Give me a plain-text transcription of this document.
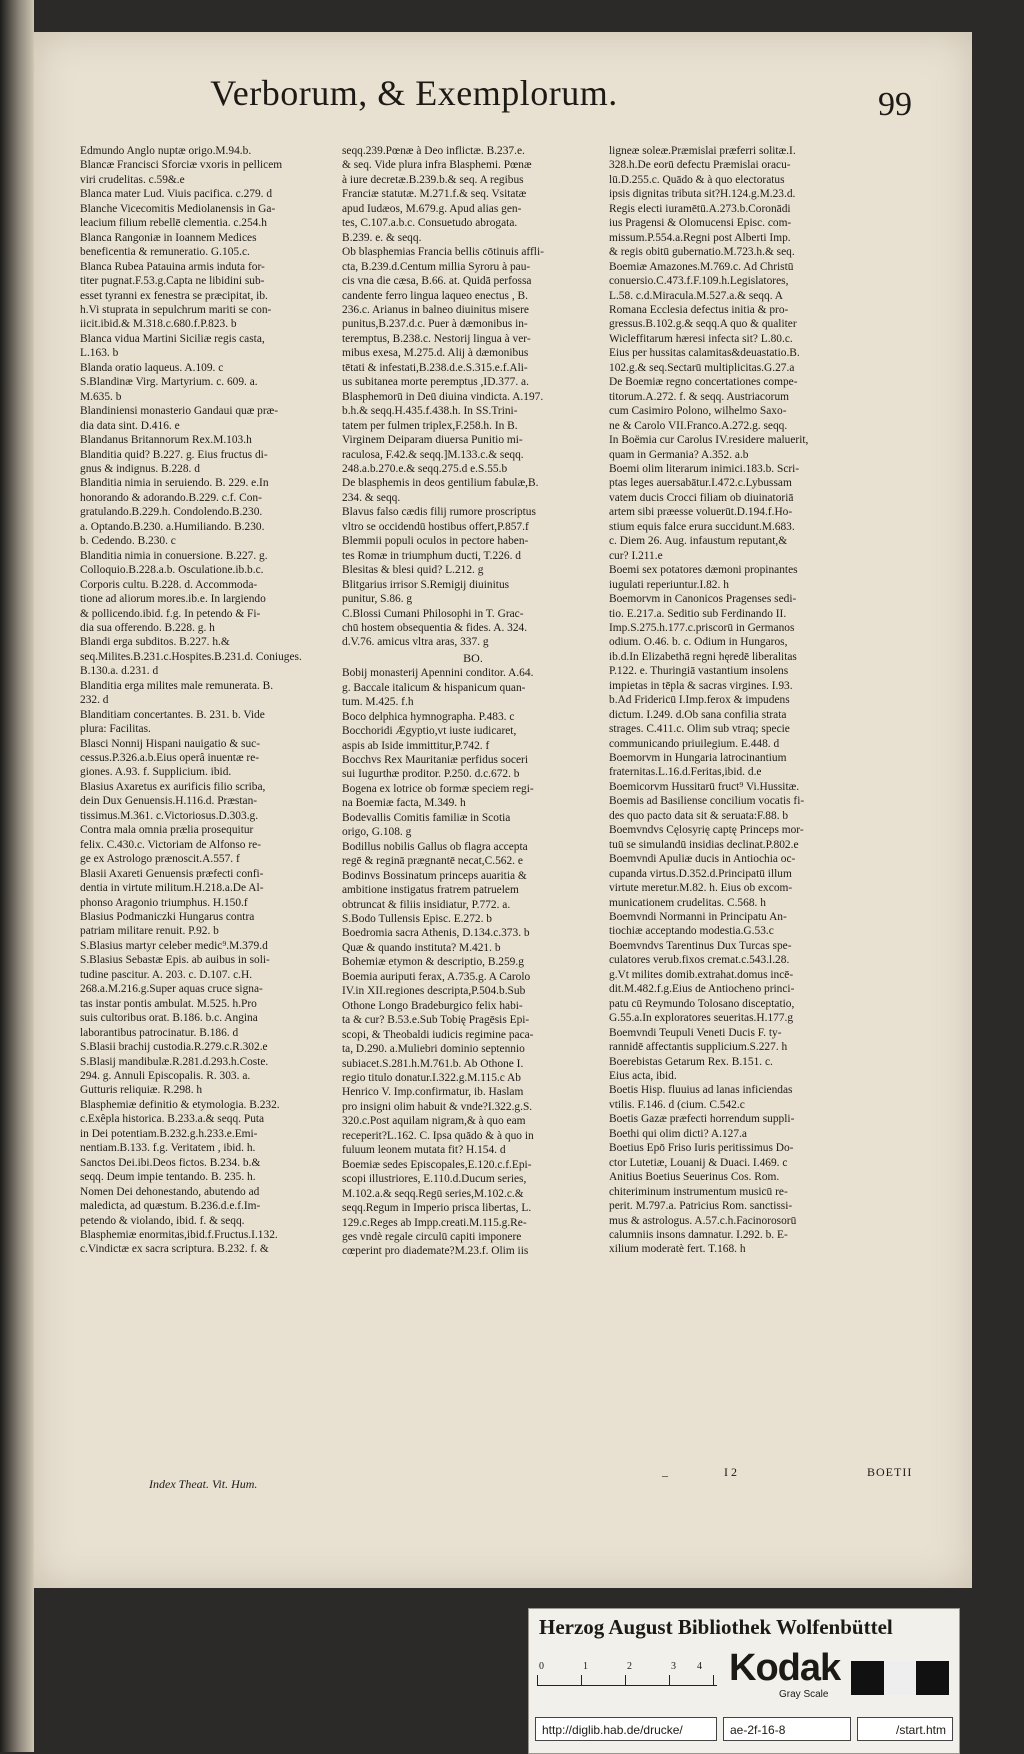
Verborum, & Exemplorum.	99

Edmundo Anglo nuptæ origo.M.94.b.

Blancæ Francisci Sforciæ vxoris in pellicem

viri crudelitas. c.59&.e

Blanca mater Lud. Viuis pacifica. c.279. d

Blanche Vicecomitis Mediolanensis in Ga-

leacium filium rebellē clementia. c.254.h

Blanca Rangoniæ in Ioannem Medices

beneficentia & remuneratio. G.105.c.

Blanca Rubea Patauina armis induta for-

titer pugnat.F.53.g.Capta ne libidini sub-

esset tyranni ex fenestra se præcipitat, ib.

h.Vi stuprata in sepulchrum mariti se con-

iicit.ibid.& M.318.c.680.f.P.823. b

Blanca vidua Martini Siciliæ regis casta,

L.163. b

Blanda oratio laqueus. A.109. c

S.Blandinæ Virg. Martyrium. c. 609. a.

M.635. b

Blandiniensi monasterio Gandaui quæ præ-

dia data sint. D.416. e

Blandanus Britannorum Rex.M.103.h

Blanditia quid? B.227. g. Eius fructus di-

gnus & indignus. B.228. d

Blanditia nimia in seruiendo. B. 229. e.In

honorando & adorando.B.229. c.f. Con-

gratulando.B.229.h. Condolendo.B.230.

a. Optando.B.230. a.Humiliando. B.230.

b. Cedendo. B.230. c

Blanditia nimia in conuersione. B.227. g.

Colloquio.B.228.a.b. Osculatione.ib.b.c.

Corporis cultu. B.228. d. Accommoda-

tione ad aliorum mores.ib.e. In largiendo

& pollicendo.ibid. f.g. In petendo & Fi-

dia sua offerendo. B.228. g. h

Blandi erga subditos. B.227. h.& seq.Milites.B.231.c.Hospites.B.231.d. Coniuges.

B.130.a. d.231. d

Blanditia erga milites male remunerata. B.

232. d

Blanditiam concertantes. B. 231. b. Vide

plura: Facilitas.

Blasci Nonnij Hispani nauigatio & suc-

cessus.P.326.a.b.Eius operâ inuentæ re-

giones. A.93. f. Supplicium. ibid.

Blasius Axaretus ex aurificis filio scriba,

dein Dux Genuensis.H.116.d. Præstan-

tissimus.M.361. c.Victoriosus.D.303.g.

Contra mala omnia prælia prosequitur

felix. C.430.c. Victoriam de Alfonso re-

ge ex Astrologo prænoscit.A.557. f

Blasii Axareti Genuensis præfecti confi-

dentia in virtute militum.H.218.a.De Al-

phonso Aragonio triumphus. H.150.f

Blasius Podmaniczki Hungarus contra

patriam militare renuit. P.92. b

S.Blasius martyr celeber medic⁹.M.379.d

S.Blasius Sebastæ Epis. ab auibus in soli-

tudine pascitur. A. 203. c. D.107. c.H.

268.a.M.216.g.Super aquas cruce signa-

tas instar pontis ambulat. M.525. h.Pro

suis cultoribus orat. B.186. b.c. Angina

laborantibus patrocinatur. B.186. d

S.Blasii brachij custodia.R.279.c.R.302.e

S.Blasij mandibulæ.R.281.d.293.h.Coste.

294. g. Annuli Episcopalis. R. 303. a.

Gutturis reliquiæ. R.298. h

Blasphemiæ definitio & etymologia. B.232.

c.Exêpla historica. B.233.a.& seqq. Puta

in Dei potentiam.B.232.g.h.233.e.Emi-

nentiam.B.133. f.g. Veritatem , ibid. h.

Sanctos Dei.ibi.Deos fictos. B.234. b.&

seqq. Deum impie tentando. B. 235. h.

Nomen Dei dehonestando, abutendo ad

maledicta, ad quæstum. B.236.d.e.f.Im-

petendo & violando, ibid. f. & seqq.

Blasphemiæ enormitas,ibid.f.Fructus.I.132.

c.Vindictæ ex sacra scriptura. B.232. f. &

seqq.239.Pœnæ à Deo inflictæ. B.237.e.

& seq. Vide plura infra Blasphemi. Pœnæ

à iure decretæ.B.239.b.& seq. A regibus

Franciæ statutæ. M.271.f.& seq. Vsitatæ

apud Iudæos, M.679.g. Apud alias gen-

tes, C.107.a.b.c. Consuetudo abrogata.

B.239. e. & seqq.

Ob blasphemias Francia bellis cōtinuis affli-

cta, B.239.d.Centum millia Syroru à pau-

cis vna die cæsa, B.66. at. Quidā perfossa

candente ferro lingua laqueo enectus , B.

236.c. Arianus in balneo diuinitus misere

punitus,B.237.d.c. Puer à dæmonibus in-

teremptus, B.238.c. Nestorij lingua à ver-

mibus exesa, M.275.d. Alij à dæmonibus

tētati & infestati,B.238.d.e.S.315.e.f.Ali-

us subitanea morte peremptus ,ID.377. a.

Blasphemorū in Deū diuina vindicta. A.197.

b.h.& seqq.H.435.f.438.h. In SS.Trini-

tatem per fulmen triplex,F.258.h. In B.

Virginem Deiparam diuersa Punitio mi-

raculosa, F.42.& seqq.]M.133.c.& seqq.

248.a.b.270.e.& seqq.275.d e.S.55.b

De blasphemis in deos gentilium fabulæ,B.

234. & seqq.

Blavus falso cædis filij rumore proscriptus

vltro se occidendū hostibus offert,P.857.f

Blemmii populi oculos in pectore haben-

tes Romæ in triumphum ducti, T.226. d

Blesitas & blesi quid? L.212. g

Blitgarius irrisor S.Remigij diuinitus

punitur, S.86. g

C.Blossi Cumani Philosophi in T. Grac-

chū hostem obsequentia & fides. A. 324.

d.V.76. amicus vltra aras, 337. g

BO.

Bobij monasterij Apennini conditor. A.64.

g. Baccale italicum & hispanicum quan-

tum. M.425. f.h

Boco delphica hymnographa. P.483. c

Bocchoridi Ægyptio,vt iuste iudicaret,

aspis ab Iside immittitur,P.742. f

Bocchvs Rex Mauritaniæ perfidus soceri

sui Iugurthæ proditor. P.250. d.c.672. b

Bogena ex lotrice ob formæ speciem regi-

na Boemiæ facta, M.349. h

Bodevallis Comitis familiæ in Scotia

origo, G.108. g

Bodillus nobilis Gallus ob flagra accepta

regē & reginā prægnantē necat,C.562. e

Bodinvs Bossinatum princeps auaritia &

ambitione instigatus fratrem patruelem

obtruncat & filiis insidiatur, P.772. a.

S.Bodo Tullensis Episc. E.272. b

Boedromia sacra Athenis, D.134.c.373. b

Quæ & quando instituta? M.421. b

Bohemiæ etymon & descriptio, B.259.g

Boemia auriputi ferax, A.735.g. A Carolo

IV.in XII.regiones descripta,P.504.b.Sub

Othone Longo Bradeburgico felix habi-

ta & cur? B.53.e.Sub Tobię Pragēsis Epi-

scopi, & Theobaldi iudicis regimine paca-

ta, D.290. a.Muliebri dominio septennio

subiacet.S.281.h.M.761.b. Ab Othone I.

regio titulo donatur.I.322.g.M.115.c Ab

Henrico V. Imp.confirmatur, ib. Haslam

pro insigni olim habuit & vnde?I.322.g.S.

320.c.Post aquilam nigram,& à quo eam

receperit?L.162. C. Ipsa quādo & à quo in

fuluum leonem mutata fit? H.154. d

Boemiæ sedes Episcopales,E.120.c.f.Epi-

scopi illustriores, E.110.d.Ducum series,

M.102.a.& seqq.Regū series,M.102.c.&

seqq.Regum in Imperio prisca libertas, L.

129.c.Reges ab Impp.creati.M.115.g.Re-

ges vndè regale circulū capiti imponere

cœperint pro diademate?M.23.f. Olim iis

ligneæ soleæ.Præmislai præferri solitæ.I.

328.h.De eorū defectu Præmislai oracu-

lū.D.255.c. Quādo & à quo electoratus

ipsis dignitas tributa sit?H.124.g.M.23.d.

Regis electi iuramētū.A.273.b.Coronādi

ius Pragensi & Olomucensi Episc. com-

missum.P.554.a.Regni post Alberti Imp.

& regis obitū gubernatio.M.723.h.& seq.

Boemiæ Amazones.M.769.c. Ad Christū

conuersio.C.473.f.F.109.h.Legislatores,

L.58. c.d.Miracula.M.527.a.& seqq. A

Romana Ecclesia defectus initia & pro-

gressus.B.102.g.& seqq.A quo & qualiter

Wicleffitarum hæresi infecta sit? L.80.c.

Eius per hussitas calamitas&deuastatio.B.

102.g.& seq.Sectarū multiplicitas.G.27.a

De Boemiæ regno concertationes compe-

titorum.A.272. f. & seqq. Austriacorum

cum Casimiro Polono, wilhelmo Saxo-

ne & Carolo VII.Franco.A.272.g. seqq.

In Boëmia cur Carolus IV.residere maluerit,

quam in Germania? A.352. a.b

Boemi olim literarum inimici.183.b. Scri-

ptas leges auersabātur.I.472.c.Lybussam

vatem ducis Crocci filiam ob diuinatoriā

artem sibi præesse voluerūt.D.194.f.Ho-

stium equis falce erura succidunt.M.683.

c. Diem 26. Aug. infaustum reputant,&

cur? I.211.e

Boemi sex potatores dæmoni propinantes

iugulati reperiuntur.I.82. h

Boemorvm in Canonicos Pragenses sedi-

tio. E.217.a. Seditio sub Ferdinando II.

Imp.S.275.h.177.c.priscorū in Germanos

odium. O.46. b. c. Odium in Hungaros,

ib.d.In Elizabethā regni hęredē liberalitas

P.122. e. Thuringiā vastantium insolens

impietas in tēpla & sacras virgines. I.93.

b.Ad Fridericū I.Imp.ferox & impudens

dictum. I.249. d.Ob sana confilia strata

strages. C.411.c. Olim sub vtraq; specie

communicando priuilegium. E.448. d

Boemorvm in Hungaria latrocinantium

fraternitas.L.16.d.Feritas,ibid. d.e

Boemicorvm Hussitarū fruct⁹ Vi.Hussitæ.

Boemis ad Basiliense concilium vocatis fi-

des quo pacto data sit & seruata:F.88. b

Boemvndvs Cęlosyrię captę Princeps mor-

tuū se simulandū insidias declinat.P.802.e

Boemvndi Apuliæ ducis in Antiochia oc-

cupanda virtus.D.352.d.Principatū illum

virtute meretur.M.82. h. Eius ob excom-

municationem crudelitas. C.568. h

Boemvndi Normanni in Principatu An-

tiochiæ acceptando modestia.G.53.c

Boemvndvs Tarentinus Dux Turcas spe-

culatores verub.fixos cremat.c.543.l.28.

g.Vt milites domib.extrahat.domus incē-

dit.M.482.f.g.Eius de Antiocheno princi-

patu cū Reymundo Tolosano disceptatio,

G.55.a.In exploratores seueritas.H.177.g

Boemvndi Teupuli Veneti Ducis F. ty-

rannidē affectantis supplicium.S.227. h

Boerebistas Getarum Rex. B.151. c.

Eius acta, ibid.

Boetis Hisp. fluuius ad lanas inficiendas

vtilis. F.146. d (cium. C.542.c

Boetis Gazæ præfecti horrendum suppli-

Boethi qui olim dicti? A.127.a

Boetius Epō Friso Iuris peritissimus Do-

ctor Lutetiæ, Louanij & Duaci. I.469. c

Anitius Boetius Seuerinus Cos. Rom.

chiteriminum instrumentum musicū re-

perit. M.797.a. Patricius Rom. sanctissi-

mus & astrologus. A.57.c.h.Facinorosorū

calumniis insons damnatur. I.292. b. E-

xilium moderatè fert. T.168. h

Index Theat. Vit. Hum.
–	I 2	BOETII
Herzog August Bibliothek Wolfenbüttel
0	1	2	3 4 Kodak
Gray Scale
http://diglib.hab.de/drucke/	ae-2f-16-8	/start.htm
